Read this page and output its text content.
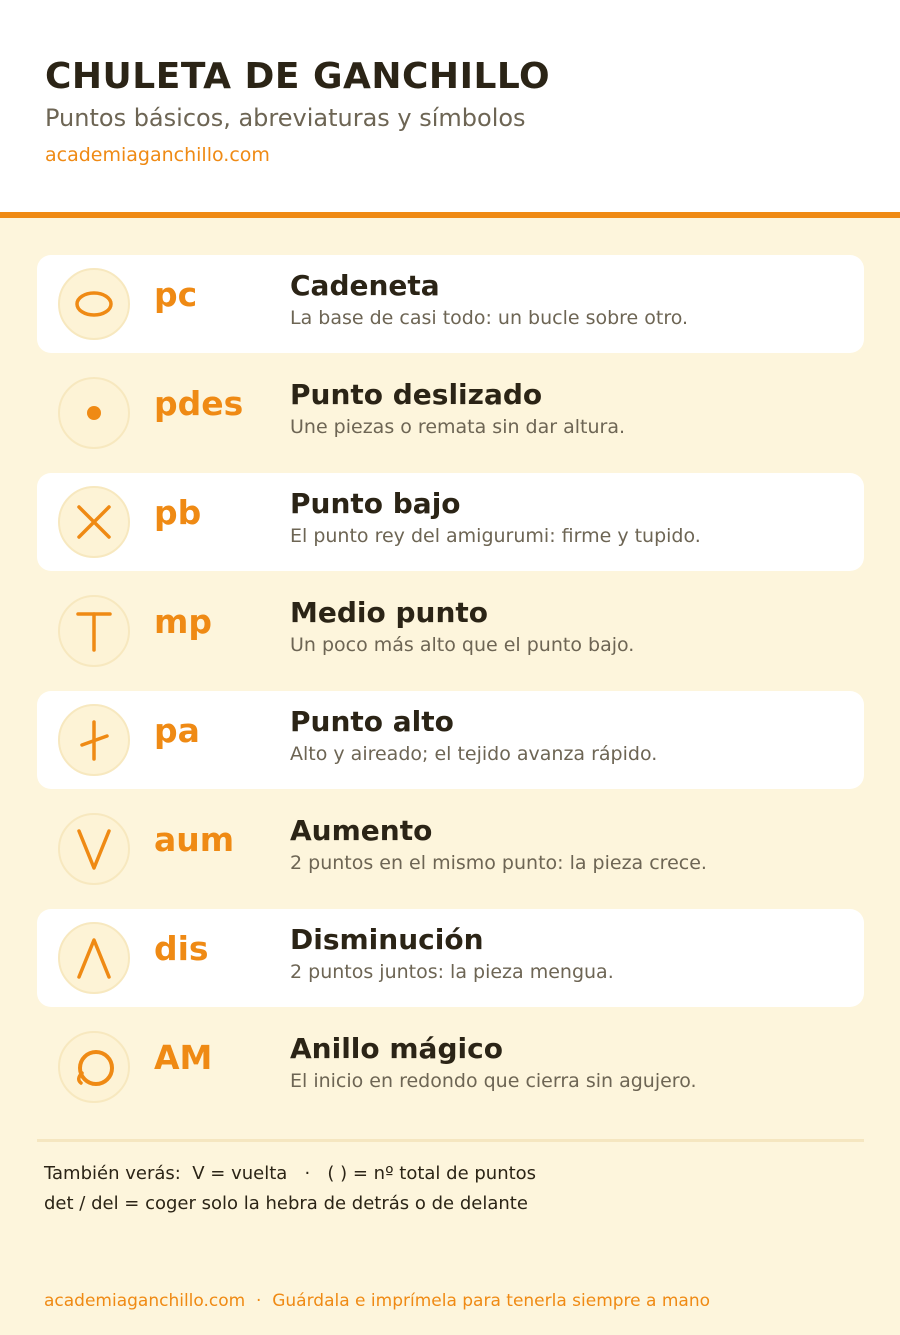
CHULETA DE GANCHILLO
Puntos básicos, abreviaturas y símbolos
academiaganchillo.com
pc	Cadeneta
La base de casi todo: un bucle sobre otro.
pdes Punto deslizado
Une piezas o remata sin dar altura.
pb	Punto bajo
El punto rey del amigurumi: firme y tupido.
mp	Medio punto
Un poco más alto que el punto bajo.
pa	Punto alto
Alto y aireado; el tejido avanza rápido.
aum Aumento
2 puntos en el mismo punto: la pieza crece.
dis	Disminución
2 puntos juntos: la pieza mengua.
AM	Anillo mágico
El inicio en redondo que cierra sin agujero.
También verás:  V = vuelta   ·   ( ) = nº total de puntos
det / del = coger solo la hebra de detrás o de delante
academiaganchillo.com  ·  Guárdala e imprímela para tenerla siempre a mano
